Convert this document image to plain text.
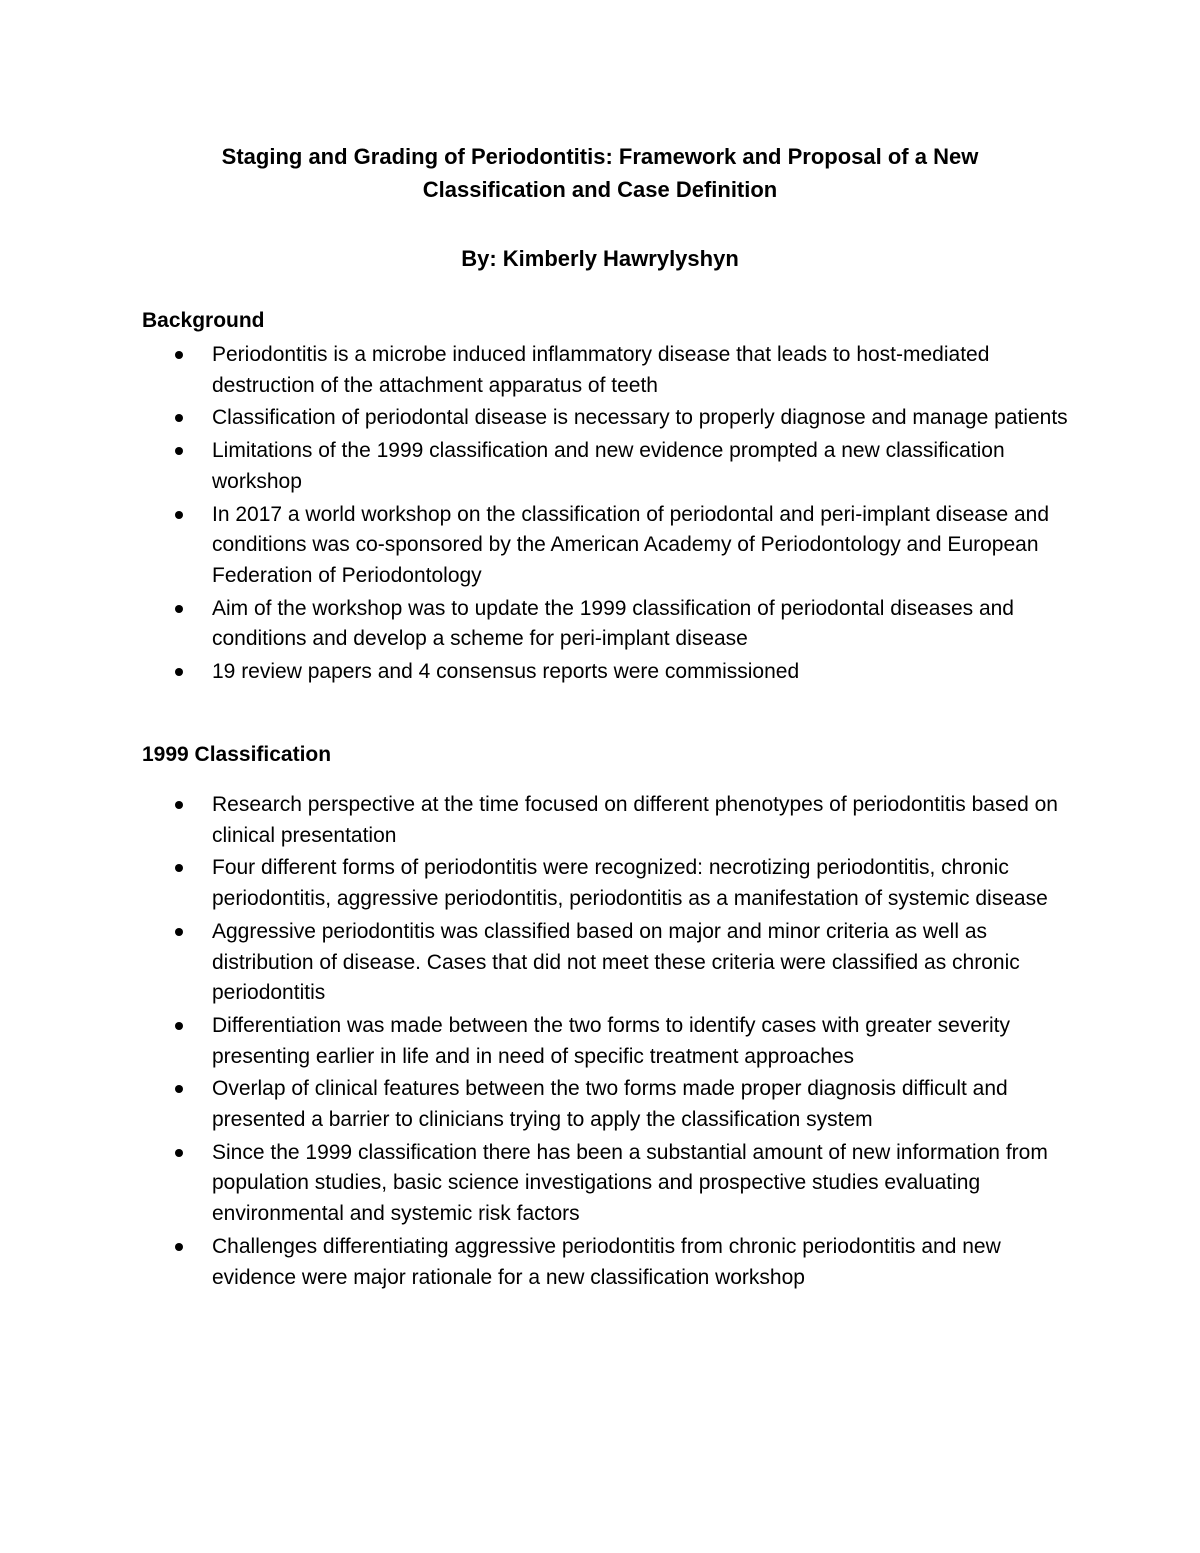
Staging and Grading of Periodontitis: Framework and Proposal of a New
Classification and Case Definition
By: Kimberly Hawrylyshyn
Background
Periodontitis is a microbe induced inflammatory disease that leads to host-mediated destruction of the attachment apparatus of teeth
Classification of periodontal disease is necessary to properly diagnose and manage patients
Limitations of the 1999 classification and new evidence prompted a new classification workshop
In 2017 a world workshop on the classification of periodontal and peri-implant disease and conditions was co-sponsored by the American Academy of Periodontology and European Federation of Periodontology
Aim of the workshop was to update the 1999 classification of periodontal diseases and conditions and develop a scheme for peri-implant disease
19 review papers and 4 consensus reports were commissioned
1999 Classification
Research perspective at the time focused on different phenotypes of periodontitis based on clinical presentation
Four different forms of periodontitis were recognized: necrotizing periodontitis, chronic periodontitis, aggressive periodontitis, periodontitis as a manifestation of systemic disease
Aggressive periodontitis was classified based on major and minor criteria as well as distribution of disease. Cases that did not meet these criteria were classified as chronic periodontitis
Differentiation was made between the two forms to identify cases with greater severity presenting earlier in life and in need of specific treatment approaches
Overlap of clinical features between the two forms made proper diagnosis difficult and presented a barrier to clinicians trying to apply the classification system
Since the 1999 classification there has been a substantial amount of new information from population studies, basic science investigations and prospective studies evaluating environmental and systemic risk factors
Challenges differentiating aggressive periodontitis from chronic periodontitis and new evidence were major rationale for a new classification workshop
